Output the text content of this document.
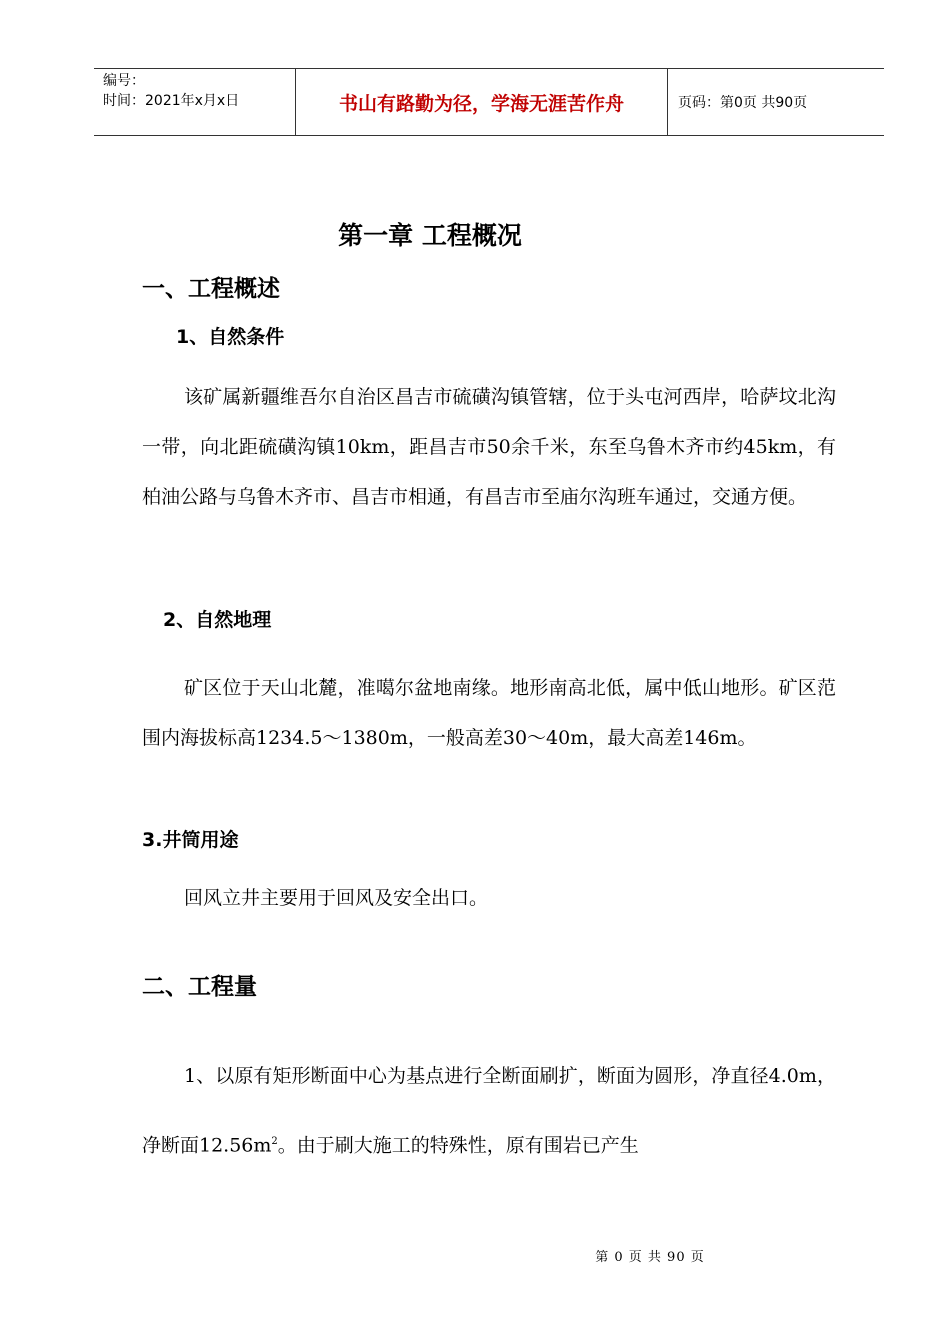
编号：
时间：2021年x月x日	书山有路勤为径，学海无涯苦作舟	页码：第0页 共90页
第一章 工程概况
一、工程概述
1、自然条件

该矿属新疆维吾尔自治区昌吉市硫磺沟镇管辖，位于头屯河西岸，哈萨坟北沟一带，向北距硫磺沟镇10km，距昌吉市50余千米，东至乌鲁木齐市约45km，有柏油公路与乌鲁木齐市、昌吉市相通，有昌吉市至庙尔沟班车通过，交通方便。

2、自然地理

矿区位于天山北麓，准噶尔盆地南缘。地形南高北低，属中低山地形。矿区范围内海拔标高1234.5～1380m，一般高差30～40m，最大高差146m。

3.井筒用途

回风立井主要用于回风及安全出口。

二、工程量

1、以原有矩形断面中心为基点进行全断面刷扩，断面为圆形，净直径4.0m，净断面$12.56m^2$。由于刷大施工的特殊性，原有围岩已产生

第 0 页 共 90 页
